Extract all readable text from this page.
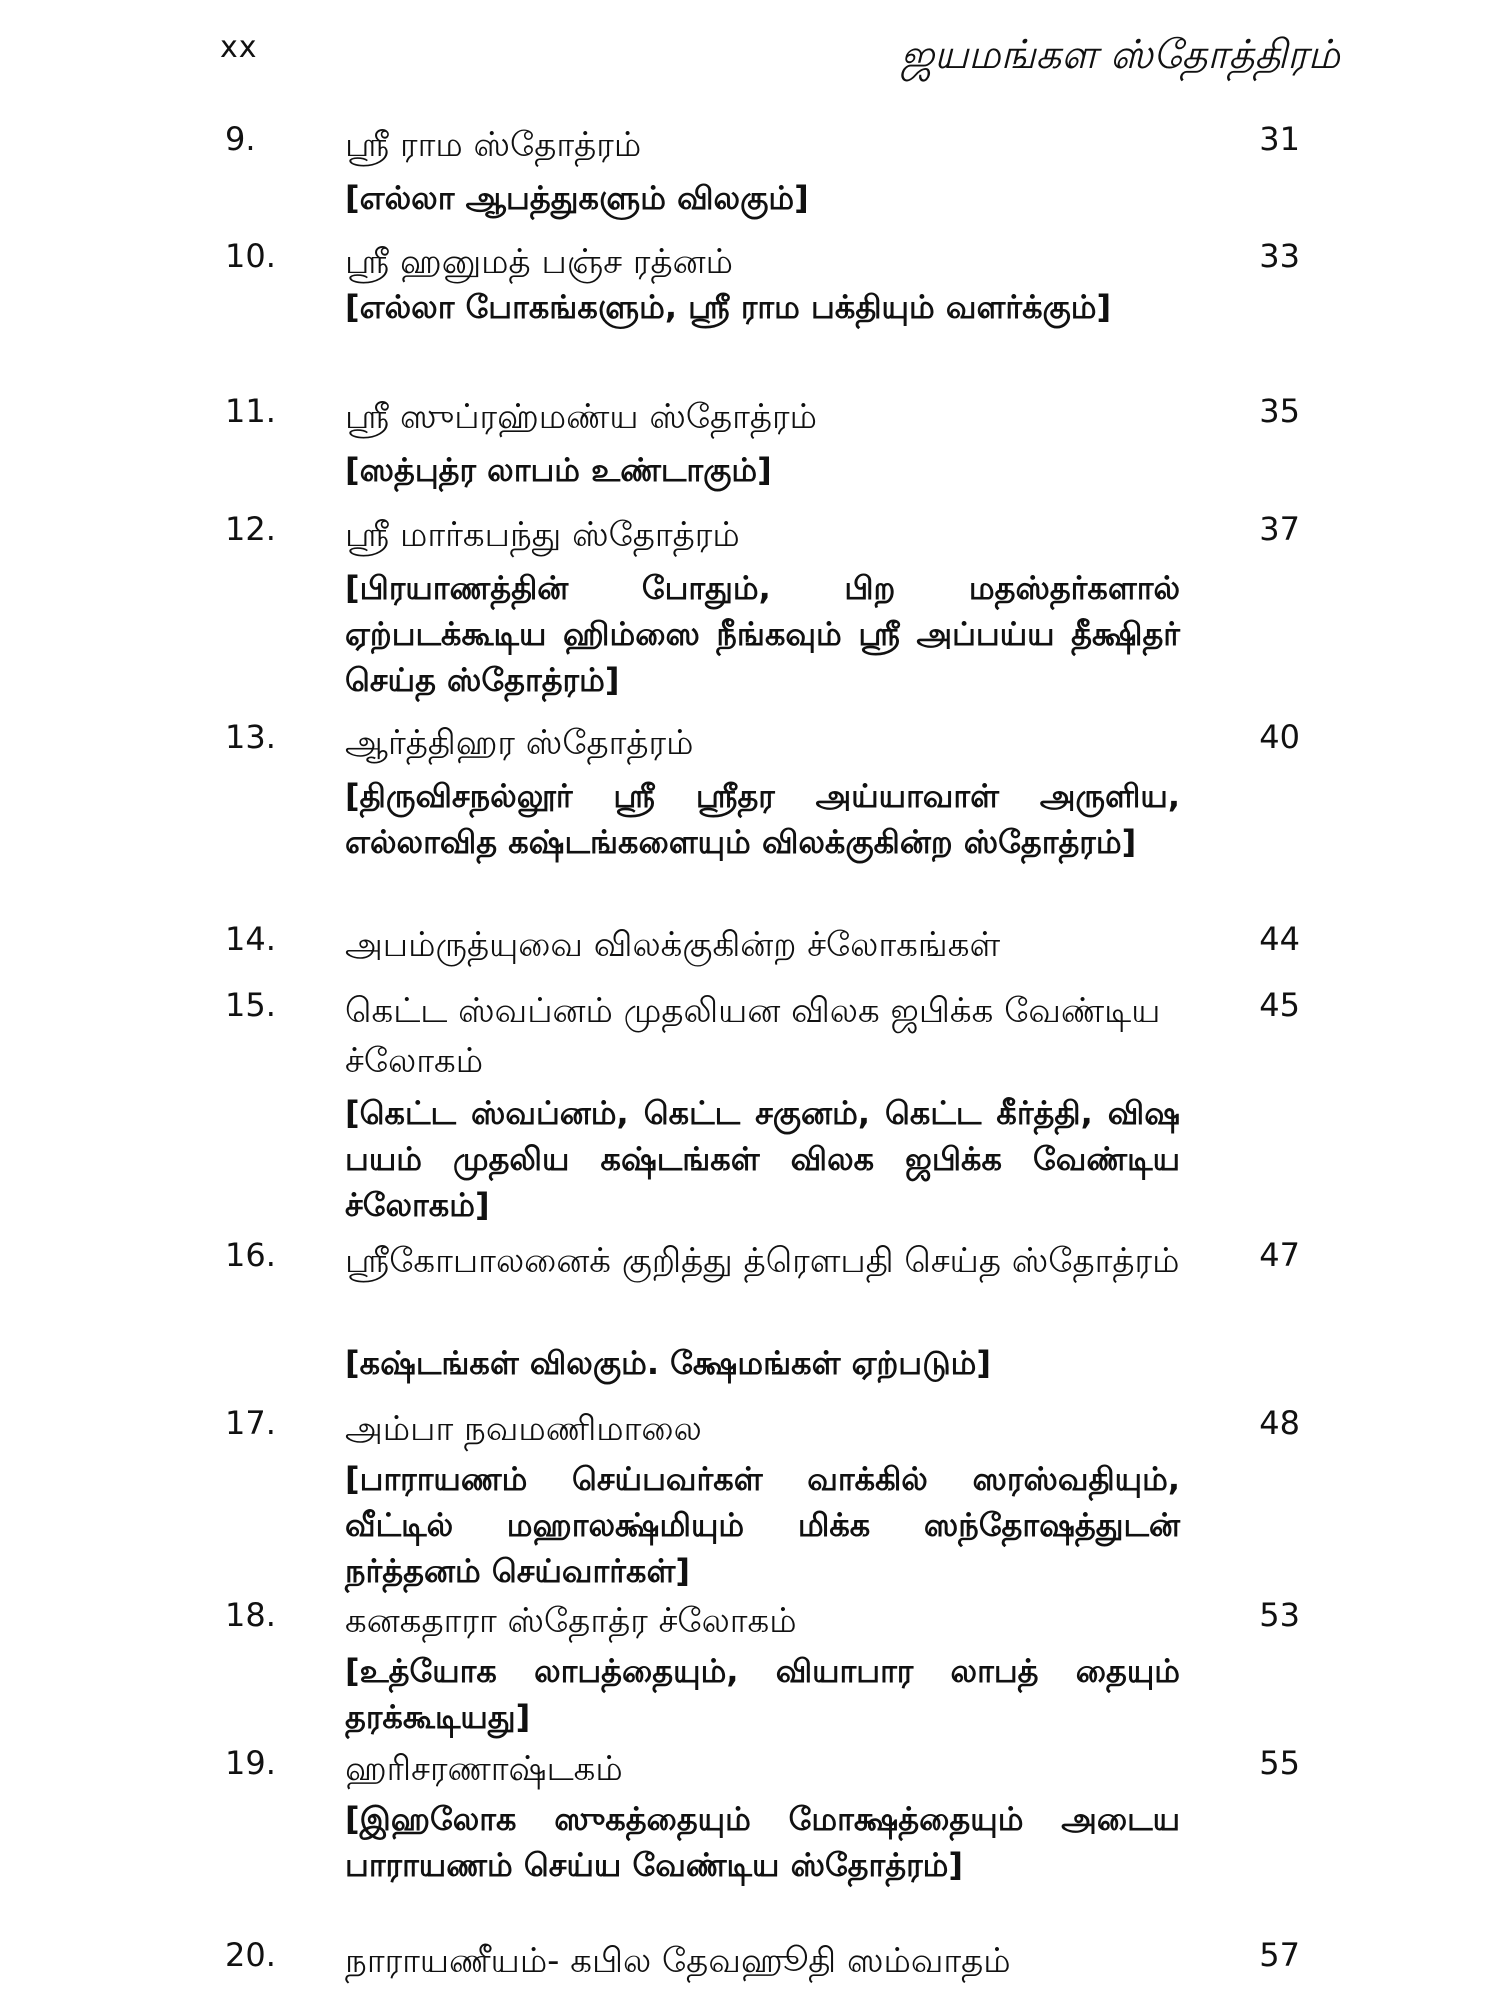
xx	ஜயமங்கள ஸ்தோத்திரம்
9.	ஸ்ரீ ராம ஸ்தோத்ரம்	31
[எல்லா ஆபத்துகளும் விலகும்]
10. ஸ்ரீ ஹனுமத் பஞ்ச ரத்னம்	33
[எல்லா போகங்களும், ஸ்ரீ ராம பக்தியும் வளர்க்கும்]
11. ஸ்ரீ ஸுப்ரஹ்மண்ய ஸ்தோத்ரம்	35
[ஸத்புத்ர லாபம் உண்டாகும்]
12. ஸ்ரீ மார்கபந்து ஸ்தோத்ரம்	37
[பிரயாணத்தின் போதும், பிற மதஸ்தர்களால் ஏற்படக்கூடிய ஹிம்ஸை நீங்கவும் ஸ்ரீ அப்பய்ய தீக்ஷிதர் செய்த ஸ்தோத்ரம்]
13. ஆர்த்திஹர ஸ்தோத்ரம்	40
[திருவிசநல்லூர் ஸ்ரீ ஸ்ரீதர அய்யாவாள் அருளிய, எல்லாவித கஷ்டங்களையும் விலக்குகின்ற ஸ்தோத்ரம்]
14. அபம்ருத்யுவை விலக்குகின்ற ச்லோகங்கள்	44
15. கெட்ட ஸ்வப்னம் முதலியன விலக ஜபிக்க வேண்டிய ச்லோகம்
45
[கெட்ட ஸ்வப்னம், கெட்ட சகுனம், கெட்ட கீர்த்தி, விஷ பயம் முதலிய கஷ்டங்கள் விலக ஜபிக்க வேண்டிய ச்லோகம்]
16. ஸ்ரீகோபாலனைக் குறித்து த்ரௌபதி செய்த ஸ்தோத்ரம் 47
[கஷ்டங்கள் விலகும். க்ஷேமங்கள் ஏற்படும்]
17. அம்பா நவமணிமாலை	48
[பாராயணம் செய்பவர்கள் வாக்கில் ஸரஸ்வதியும், வீட்டில் மஹாலக்ஷ்மியும் மிக்க ஸந்தோஷத்துடன் நர்த்தனம் செய்வார்கள்]
18. கனகதாரா ஸ்தோத்ர ச்லோகம்	53
[உத்யோக லாபத்தையும், வியாபார லாபத் தையும் தரக்கூடியது]
19. ஹரிசரணாஷ்டகம்	55
[இஹலோக ஸுகத்தையும் மோக்ஷத்தையும் அடைய பாராயணம் செய்ய வேண்டிய ஸ்தோத்ரம்]
20. நாராயணீயம்- கபில தேவஹூதி ஸம்வாதம்	57
